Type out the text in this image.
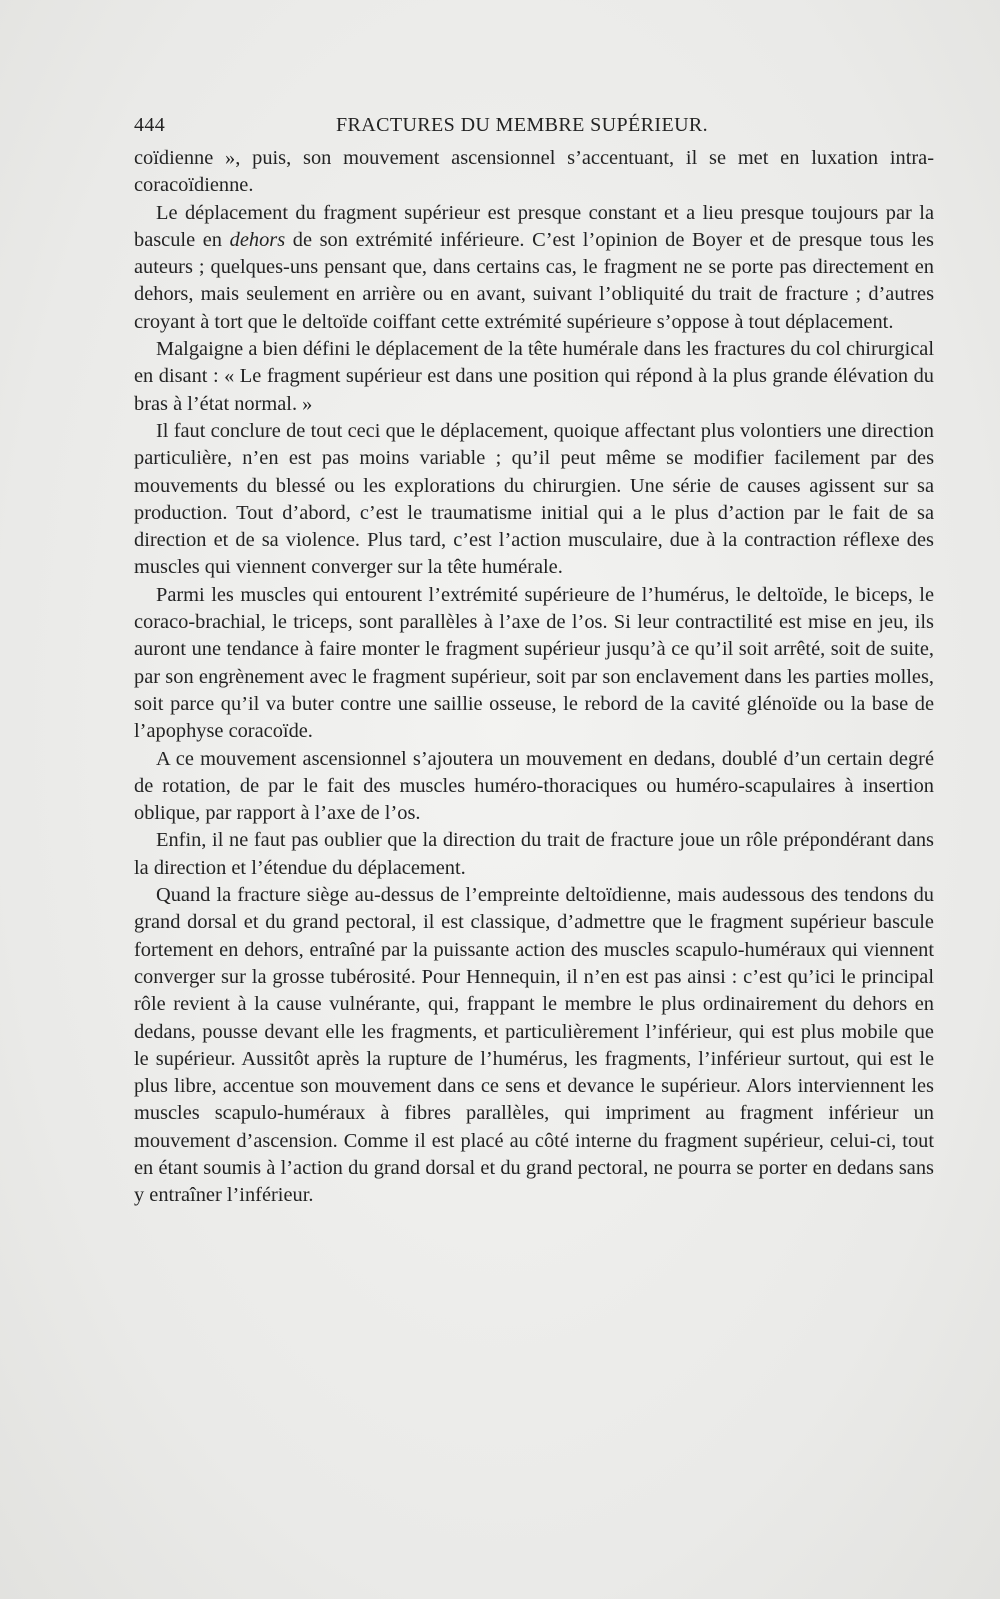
444	FRACTURES DU MEMBRE SUPÉRIEUR.

coïdienne », puis, son mouvement ascensionnel s’accentuant, il se met en luxation intra-coracoïdienne.

Le déplacement du fragment supérieur est presque constant et a lieu presque toujours par la bascule en dehors de son extrémité inférieure. C’est l’opinion de Boyer et de presque tous les auteurs ; quelques-uns pensant que, dans certains cas, le fragment ne se porte pas directement en dehors, mais seulement en arrière ou en avant, suivant l’obliquité du trait de fracture ; d’autres croyant à tort que le deltoïde coiffant cette extrémité supérieure s’oppose à tout déplacement.

Malgaigne a bien défini le déplacement de la tête humérale dans les fractures du col chirurgical en disant : « Le fragment supérieur est dans une position qui répond à la plus grande élévation du bras à l’état normal. »

Il faut conclure de tout ceci que le déplacement, quoique affectant plus volontiers une direction particulière, n’en est pas moins variable ; qu’il peut même se modifier facilement par des mouvements du blessé ou les explorations du chirurgien. Une série de causes agissent sur sa production. Tout d’abord, c’est le traumatisme initial qui a le plus d’action par le fait de sa direction et de sa violence. Plus tard, c’est l’action musculaire, due à la contraction réflexe des muscles qui viennent converger sur la tête humérale.

Parmi les muscles qui entourent l’extrémité supérieure de l’humérus, le deltoïde, le biceps, le coraco-brachial, le triceps, sont parallèles à l’axe de l’os. Si leur contractilité est mise en jeu, ils auront une tendance à faire monter le fragment supérieur jusqu’à ce qu’il soit arrêté, soit de suite, par son engrènement avec le fragment supérieur, soit par son enclavement dans les parties molles, soit parce qu’il va buter contre une saillie osseuse, le rebord de la cavité glénoïde ou la base de l’apophyse coracoïde.

A ce mouvement ascensionnel s’ajoutera un mouvement en dedans, doublé d’un certain degré de rotation, de par le fait des muscles huméro-thoraciques ou huméro-scapulaires à insertion oblique, par rapport à l’axe de l’os.

Enfin, il ne faut pas oublier que la direction du trait de fracture joue un rôle prépondérant dans la direction et l’étendue du déplacement.

Quand la fracture siège au-dessus de l’empreinte deltoïdienne, mais audessous des tendons du grand dorsal et du grand pectoral, il est classique, d’admettre que le fragment supérieur bascule fortement en dehors, entraîné par la puissante action des muscles scapulo-huméraux qui viennent converger sur la grosse tubérosité. Pour Hennequin, il n’en est pas ainsi : c’est qu’ici le principal rôle revient à la cause vulnérante, qui, frappant le membre le plus ordinairement du dehors en dedans, pousse devant elle les fragments, et particulièrement l’inférieur, qui est plus mobile que le supérieur. Aussitôt après la rupture de l’humérus, les fragments, l’inférieur surtout, qui est le plus libre, accentue son mouvement dans ce sens et devance le supérieur. Alors interviennent les muscles scapulo-huméraux à fibres parallèles, qui impriment au fragment inférieur un mouvement d’ascension. Comme il est placé au côté interne du fragment supérieur, celui-ci, tout en étant soumis à l’action du grand dorsal et du grand pectoral, ne pourra se porter en dedans sans y entraîner l’inférieur.
